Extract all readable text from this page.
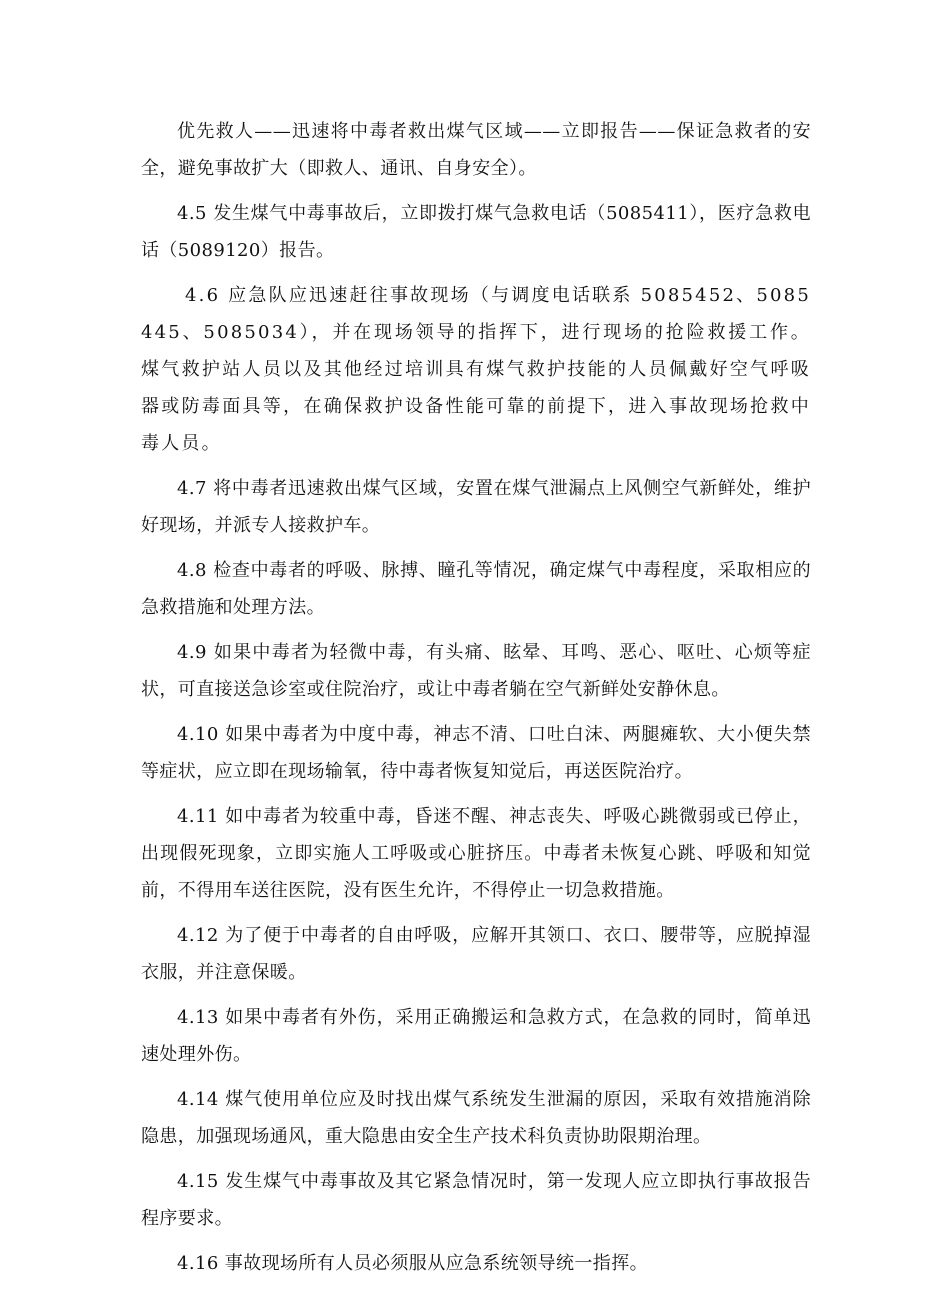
优先救人——迅速将中毒者救出煤气区域——立即报告——保证急救者的安全，避免事故扩大（即救人、通讯、自身安全）。

4.5 发生煤气中毒事故后，立即拨打煤气急救电话（5085411），医疗急救电话（5089120）报告。

4.6 应急队应迅速赶往事故现场（与调度电话联系 5085452、5085445、5085034），并在现场领导的指挥下，进行现场的抢险救援工作。煤气救护站人员以及其他经过培训具有煤气救护技能的人员佩戴好空气呼吸器或防毒面具等，在确保救护设备性能可靠的前提下，进入事故现场抢救中毒人员。

4.7 将中毒者迅速救出煤气区域，安置在煤气泄漏点上风侧空气新鲜处，维护好现场，并派专人接救护车。

4.8 检查中毒者的呼吸、脉搏、瞳孔等情况，确定煤气中毒程度，采取相应的急救措施和处理方法。

4.9 如果中毒者为轻微中毒，有头痛、眩晕、耳鸣、恶心、呕吐、心烦等症状，可直接送急诊室或住院治疗，或让中毒者躺在空气新鲜处安静休息。

4.10 如果中毒者为中度中毒，神志不清、口吐白沫、两腿瘫软、大小便失禁等症状，应立即在现场输氧，待中毒者恢复知觉后，再送医院治疗。

4.11 如中毒者为较重中毒，昏迷不醒、神志丧失、呼吸心跳微弱或已停止，出现假死现象，立即实施人工呼吸或心脏挤压。中毒者未恢复心跳、呼吸和知觉前，不得用车送往医院，没有医生允许，不得停止一切急救措施。

4.12 为了便于中毒者的自由呼吸，应解开其领口、衣口、腰带等，应脱掉湿衣服，并注意保暖。

4.13 如果中毒者有外伤，采用正确搬运和急救方式，在急救的同时，简单迅速处理外伤。

4.14 煤气使用单位应及时找出煤气系统发生泄漏的原因，采取有效措施消除隐患，加强现场通风，重大隐患由安全生产技术科负责协助限期治理。

4.15 发生煤气中毒事故及其它紧急情况时，第一发现人应立即执行事故报告程序要求。

4.16 事故现场所有人员必须服从应急系统领导统一指挥。
